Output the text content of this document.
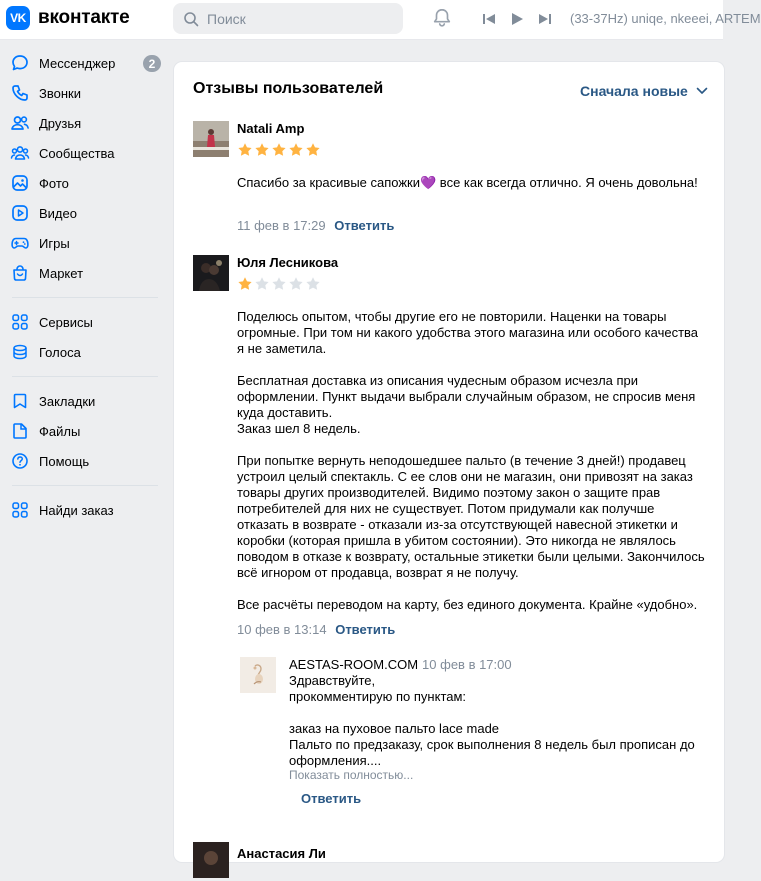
VK вконтакте
Поиск	(33-37Hz) uniqe, nkeeei, ARTEM
Мессенджер	2
Звонки
Друзья
Сообщества
Фото
Видео
Игры
Маркет
Сервисы
Голоса
Закладки
Файлы
Помощь
Найди заказ
Отзывы пользователей	Сначала новые
Natali Amp

Спасибо за красивые сапожки💜 все как всегда отлично. Я очень довольна!

11 фев в 17:29 Ответить
Юля Лесникова

Поделюсь опытом, чтобы другие его не повторили. Наценки на товары огромные. При том ни какого удобства этого магазина или особого качества я не заметила.

Бесплатная доставка из описания чудесным образом исчезла при оформлении. Пункт выдачи выбрали случайным образом, не спросив меня куда доставить.
Заказ шел 8 недель.

При попытке вернуть неподошедшее пальто (в течение 3 дней!) продавец устроил целый спектакль. С ее слов они не магазин, они привозят на заказ товары других производителей. Видимо поэтому закон о защите прав потребителей для них не существует. Потом придумали как получше отказать в возврате - отказали из-за отсутствующей навесной этикетки и коробки (которая пришла в убитом состоянии). Это никогда не являлось поводом в отказе к возврату, остальные этикетки были целыми. Закончилось всё игнором от продавца, возврат я не получу.

Все расчёты переводом на карту, без единого документа. Крайне «удобно».

10 фев в 13:14 Ответить
AESTAS-ROOM.COM 10 фев в 17:00

Здравствуйте,
прокомментирую по пунктам:

заказ на пуховое пальто lace made
Пальто по предзаказу, срок выполнения 8 недель был прописан до оформления....

Показать полностью...
Ответить
Анастасия Ли
